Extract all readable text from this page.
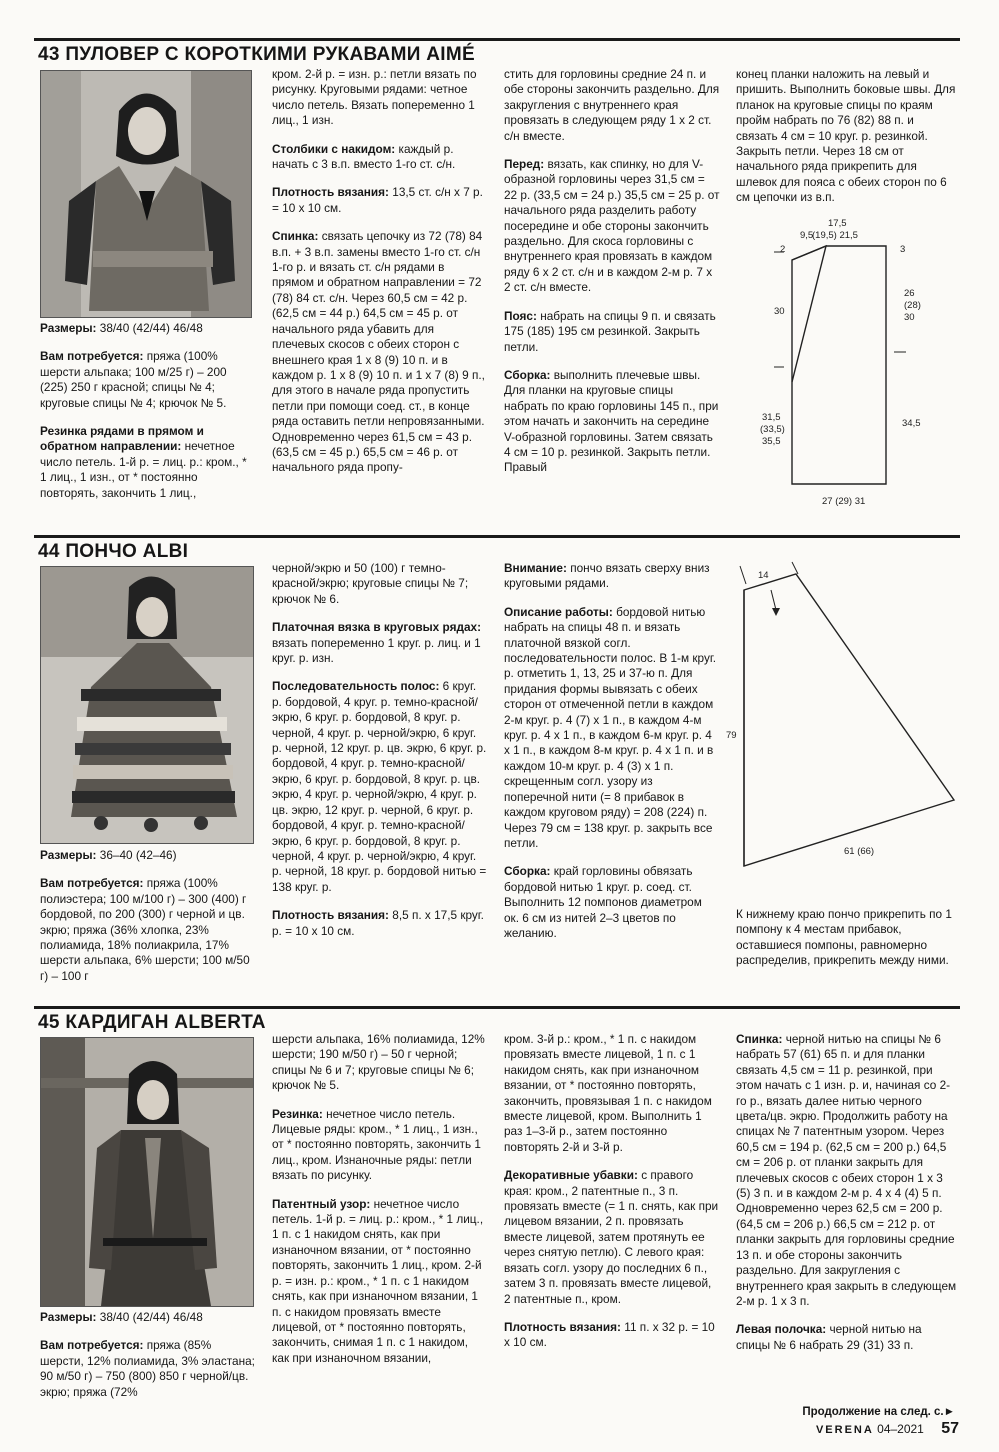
43 ПУЛОВЕР С КОРОТКИМИ РУКАВАМИ AIMÉ

Размеры: 38/40 (42/44) 46/48

Вам потребуется: пряжа (100% шерсти альпака; 100 м/25 г) – 200 (225) 250 г красной; спицы № 4; круговые спицы № 4; крючок № 5.

Резинка рядами в прямом и обратном направлении: нечетное число петель. 1-й р. = лиц. р.: кром., * 1 лиц., 1 изн., от * постоянно повторять, закончить 1 лиц.,

кром. 2-й р. = изн. р.: петли вязать по рисунку. Круговыми рядами: четное число петель. Вязать попеременно 1 лиц., 1 изн.

Столбики с накидом: каждый р. начать с 3 в.п. вместо 1-го ст. с/н.

Плотность вязания: 13,5 ст. с/н х 7 р. = 10 х 10 см.

Спинка: связать цепочку из 72 (78) 84 в.п. + 3 в.п. замены вместо 1-го ст. с/н 1-го р. и вязать ст. с/н рядами в прямом и обратном направлении = 72 (78) 84 ст. с/н. Через 60,5 см = 42 р. (62,5 см = 44 р.) 64,5 см = 45 р. от начального ряда убавить для плечевых скосов с обеих сторон с внешнего края 1 х 8 (9) 10 п. и в каждом р. 1 х 8 (9) 10 п. и 1 х 7 (8) 9 п., для этого в начале ряда пропустить петли при помощи соед. ст., в конце ряда оставить петли непровязанными. Одновременно через 61,5 см = 43 р. (63,5 см = 45 р.) 65,5 см = 46 р. от начального ряда пропу-

стить для горловины средние 24 п. и обе стороны закончить раздельно. Для закругления с внутреннего края провязать в следующем ряду 1 х 2 ст. с/н вместе.

Перед: вязать, как спинку, но для V-образной горловины через 31,5 см = 22 р. (33,5 см = 24 р.) 35,5 см = 25 р. от начального ряда разделить работу посередине и обе стороны закончить раздельно. Для скоса горловины с внутреннего края провязать в каждом ряду 6 х 2 ст. с/н и в каждом 2-м р. 7 х 2 ст. с/н вместе.

Пояс: набрать на спицы 9 п. и связать 175 (185) 195 см резинкой. Закрыть петли.

Сборка: выполнить плечевые швы. Для планки на круговые спицы набрать по краю горловины 145 п., при этом начать и закончить на середине V-образной горловины. Затем связать 4 см = 10 р. резинкой. Закрыть петли. Правый

конец планки наложить на левый и пришить. Выполнить боковые швы. Для планок на круговые спицы по краям пройм набрать по 76 (82) 88 п. и связать 4 см = 10 круг. р. резинкой. Закрыть петли. Через 18 см от начального ряда прикрепить для шлевок для пояса с обеих сторон по 6 см цепочки из в.п.

17,5
(19,5) 21,5
9,5
2	3
30
26
(28)
30
31,5
(33,5)
35,5
34,5
27 (29) 31
44 ПОНЧО ALBI

Размеры: 36–40 (42–46)

Вам потребуется: пряжа (100% полиэстера; 100 м/100 г) – 300 (400) г бордовой, по 200 (300) г черной и цв. экрю; пряжа (36% хлопка, 23% полиамида, 18% полиакрила, 17% шерсти альпака, 6% шерсти; 100 м/50 г) – 100 г

черной/экрю и 50 (100) г темно-красной/экрю; круговые спицы № 7; крючок № 6.

Платочная вязка в круговых рядах: вязать попеременно 1 круг. р. лиц. и 1 круг. р. изн.

Последовательность полос: 6 круг. р. бордовой, 4 круг. р. темно-красной/экрю, 6 круг. р. бордовой, 8 круг. р. черной, 4 круг. р. черной/экрю, 6 круг. р. черной, 12 круг. р. цв. экрю, 6 круг. р. бордовой, 4 круг. р. темно-красной/экрю, 6 круг. р. бордовой, 8 круг. р. цв. экрю, 4 круг. р. черной/экрю, 4 круг. р. цв. экрю, 12 круг. р. черной, 6 круг. р. бордовой, 4 круг. р. темно-красной/экрю, 6 круг. р. бордовой, 8 круг. р. черной, 4 круг. р. черной/экрю, 4 круг. р. черной, 18 круг. р. бордовой нитью = 138 круг. р.

Плотность вязания: 8,5 п. х 17,5 круг. р. = 10 х 10 см.

Внимание: пончо вязать сверху вниз круговыми рядами.

Описание работы: бордовой нитью набрать на спицы 48 п. и вязать платочной вязкой согл. последовательности полос. В 1-м круг. р. отметить 1, 13, 25 и 37-ю п. Для придания формы вывязать с обеих сторон от отмеченной петли в каждом 2-м круг. р. 4 (7) х 1 п., в каждом 4-м круг. р. 4 х 1 п., в каждом 6-м круг. р. 4 х 1 п., в каждом 8-м круг. р. 4 х 1 п. и в каждом 10-м круг. р. 4 (3) х 1 п. скрещенным согл. узору из поперечной нити (= 8 прибавок в каждом круговом ряду) = 208 (224) п. Через 79 см = 138 круг. р. закрыть все петли.

Сборка: край горловины обвязать бордовой нитью 1 круг. р. соед. ст. Выполнить 12 помпонов диаметром ок. 6 см из нитей 2–3 цветов по желанию.

14
79
61 (66)

К нижнему краю пончо прикрепить по 1 помпону к 4 местам прибавок, оставшиеся помпоны, равномерно распределив, прикрепить между ними.

45 КАРДИГАН ALBERTA

Размеры: 38/40 (42/44) 46/48

Вам потребуется: пряжа (85% шерсти, 12% полиамида, 3% эластана; 90 м/50 г) – 750 (800) 850 г черной/цв. экрю; пряжа (72%

шерсти альпака, 16% полиамида, 12% шерсти; 190 м/50 г) – 50 г черной; спицы № 6 и 7; круговые спицы № 6; крючок № 5.

Резинка: нечетное число петель. Лицевые ряды: кром., * 1 лиц., 1 изн., от * постоянно повторять, закончить 1 лиц., кром. Изнаночные ряды: петли вязать по рисунку.

Патентный узор: нечетное число петель. 1-й р. = лиц. р.: кром., * 1 лиц., 1 п. с 1 накидом снять, как при изнаночном вязании, от * постоянно повторять, закончить 1 лиц., кром. 2-й р. = изн. р.: кром., * 1 п. с 1 накидом снять, как при изнаночном вязании, 1 п. с накидом провязать вместе лицевой, от * постоянно повторять, закончить, снимая 1 п. с 1 накидом, как при изнаночном вязании,

кром. 3-й р.: кром., * 1 п. с накидом провязать вместе лицевой, 1 п. с 1 накидом снять, как при изнаночном вязании, от * постоянно повторять, закончить, провязывая 1 п. с накидом вместе лицевой, кром. Выполнить 1 раз 1–3-й р., затем постоянно повторять 2-й и 3-й р.

Декоративные убавки: с правого края: кром., 2 патентные п., 3 п. провязать вместе (= 1 п. снять, как при лицевом вязании, 2 п. провязать вместе лицевой, затем протянуть ее через снятую петлю). С левого края: вязать согл. узору до последних 6 п., затем 3 п. провязать вместе лицевой, 2 патентные п., кром.

Плотность вязания: 11 п. х 32 р. = 10 х 10 см.

Спинка: черной нитью на спицы № 6 набрать 57 (61) 65 п. и для планки связать 4,5 см = 11 р. резинкой, при этом начать с 1 изн. р. и, начиная со 2-го р., вязать далее нитью черного цвета/цв. экрю. Продолжить работу на спицах № 7 патентным узором. Через 60,5 см = 194 р. (62,5 см = 200 р.) 64,5 см = 206 р. от планки закрыть для плечевых скосов с обеих сторон 1 х 3 (5) 3 п. и в каждом 2-м р. 4 х 4 (4) 5 п. Одновременно через 62,5 см = 200 р. (64,5 см = 206 р.) 66,5 см = 212 р. от планки закрыть для горловины средние 13 п. и обе стороны закончить раздельно. Для закругления с внутреннего края закрыть в следующем 2-м р. 1 х 3 п.

Левая полочка: черной нитью на спицы № 6 набрать 29 (31) 33 п.

Продолжение на след. с.►
VERENA 04–2021 57
